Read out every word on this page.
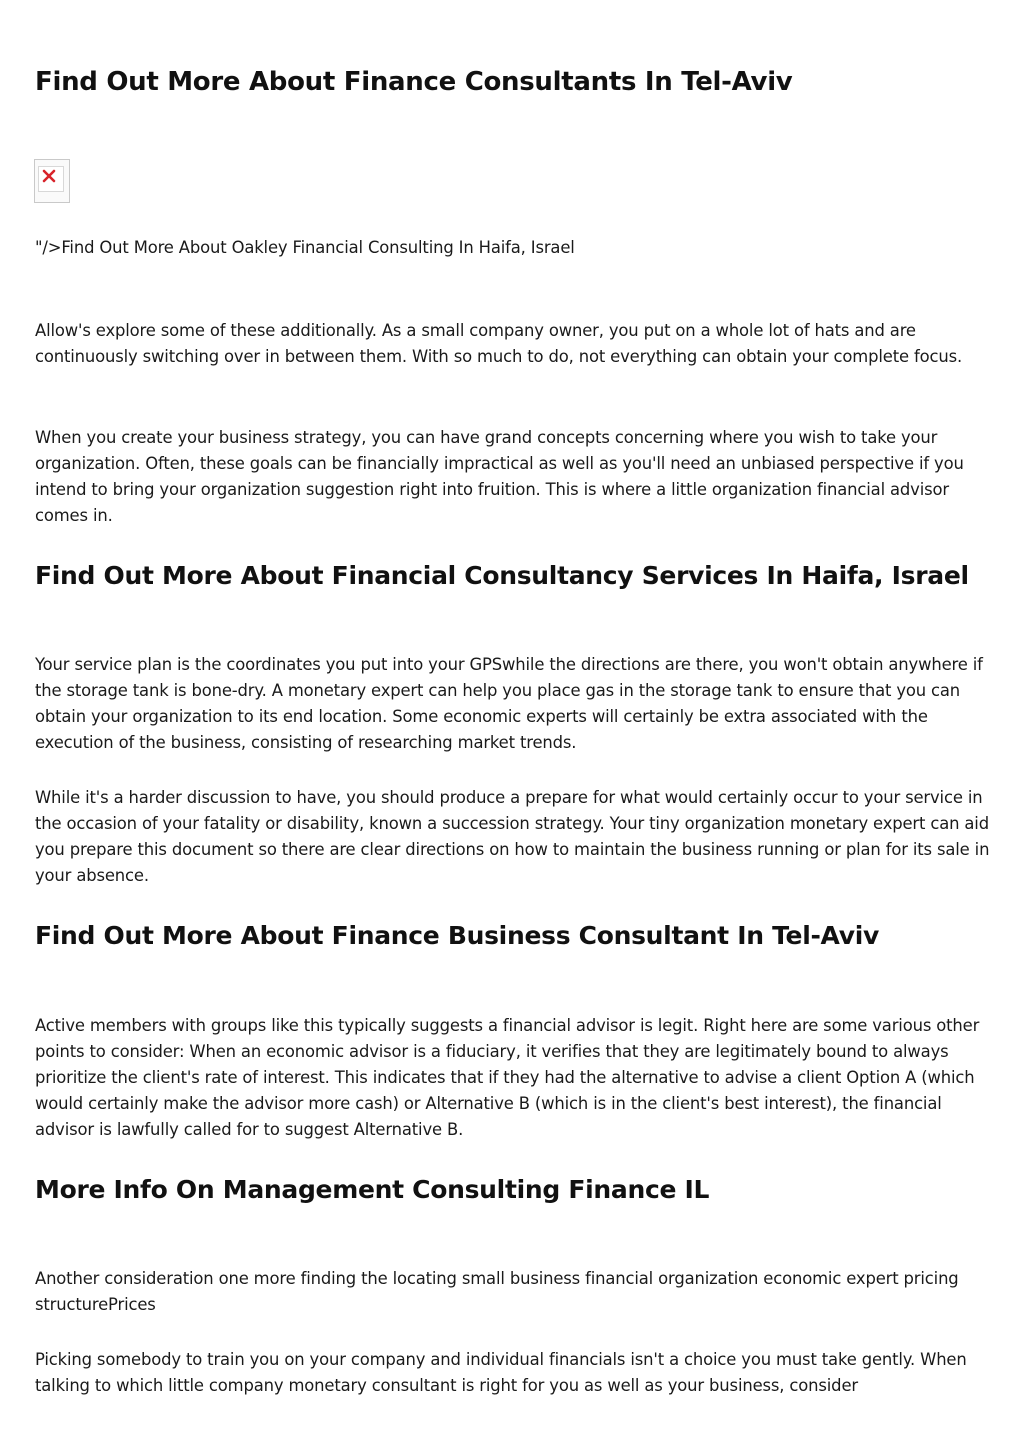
Find Out More About Finance Consultants In Tel-Aviv

"/>Find Out More About Oakley Financial Consulting In Haifa, Israel

Allow's explore some of these additionally. As a small company owner, you put on a whole lot of hats and are continuously switching over in between them. With so much to do, not everything can obtain your complete focus.

When you create your business strategy, you can have grand concepts concerning where you wish to take your organization. Often, these goals can be financially impractical as well as you'll need an unbiased perspective if you intend to bring your organization suggestion right into fruition. This is where a little organization financial advisor comes in.

Find Out More About Financial Consultancy Services In Haifa, Israel

Your service plan is the coordinates you put into your GPSwhile the directions are there, you won't obtain anywhere if the storage tank is bone-dry. A monetary expert can help you place gas in the storage tank to ensure that you can obtain your organization to its end location. Some economic experts will certainly be extra associated with the execution of the business, consisting of researching market trends.

While it's a harder discussion to have, you should produce a prepare for what would certainly occur to your service in the occasion of your fatality or disability, known a succession strategy. Your tiny organization monetary expert can aid you prepare this document so there are clear directions on how to maintain the business running or plan for its sale in your absence.

Find Out More About Finance Business Consultant In Tel-Aviv

Active members with groups like this typically suggests a financial advisor is legit. Right here are some various other points to consider: When an economic advisor is a fiduciary, it verifies that they are legitimately bound to always prioritize the client's rate of interest. This indicates that if they had the alternative to advise a client Option A (which would certainly make the advisor more cash) or Alternative B (which is in the client's best interest), the financial advisor is lawfully called for to suggest Alternative B.

More Info On Management Consulting Finance IL

Another consideration one more finding the locating small business financial organization economic expert pricing structurePrices

Picking somebody to train you on your company and individual financials isn't a choice you must take gently. When talking to which little company monetary consultant is right for you as well as your business, consider
